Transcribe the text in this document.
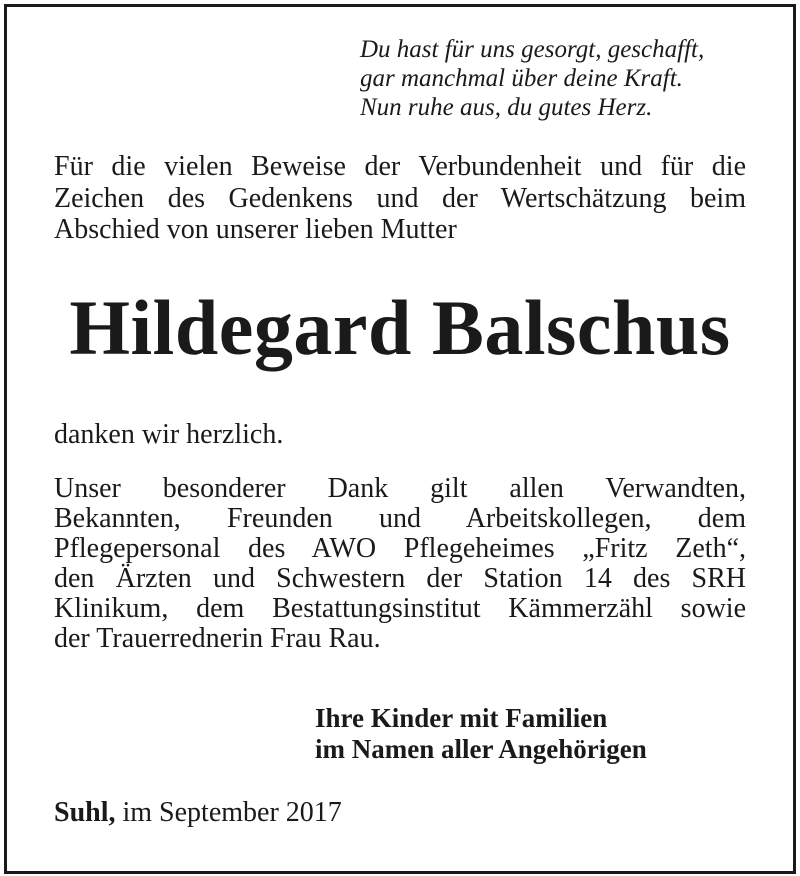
Du hast für uns gesorgt, geschafft,
gar manchmal über deine Kraft.
Nun ruhe aus, du gutes Herz.
Für die vielen Beweise der Verbundenheit und für die
Zeichen des Gedenkens und der Wertschätzung beim
Abschied von unserer lieben Mutter
Hildegard Balschus
danken wir herzlich.
Unser besonderer Dank gilt allen Verwandten,
Bekannten, Freunden und Arbeitskollegen, dem
Pflegepersonal des AWO Pflegeheimes „Fritz Zeth“,
den Ärzten und Schwestern der Station 14 des SRH
Klinikum, dem Bestattungsinstitut Kämmerzähl sowie
der Trauerrednerin Frau Rau.
Ihre Kinder mit Familien
im Namen aller Angehörigen
Suhl, im September 2017
